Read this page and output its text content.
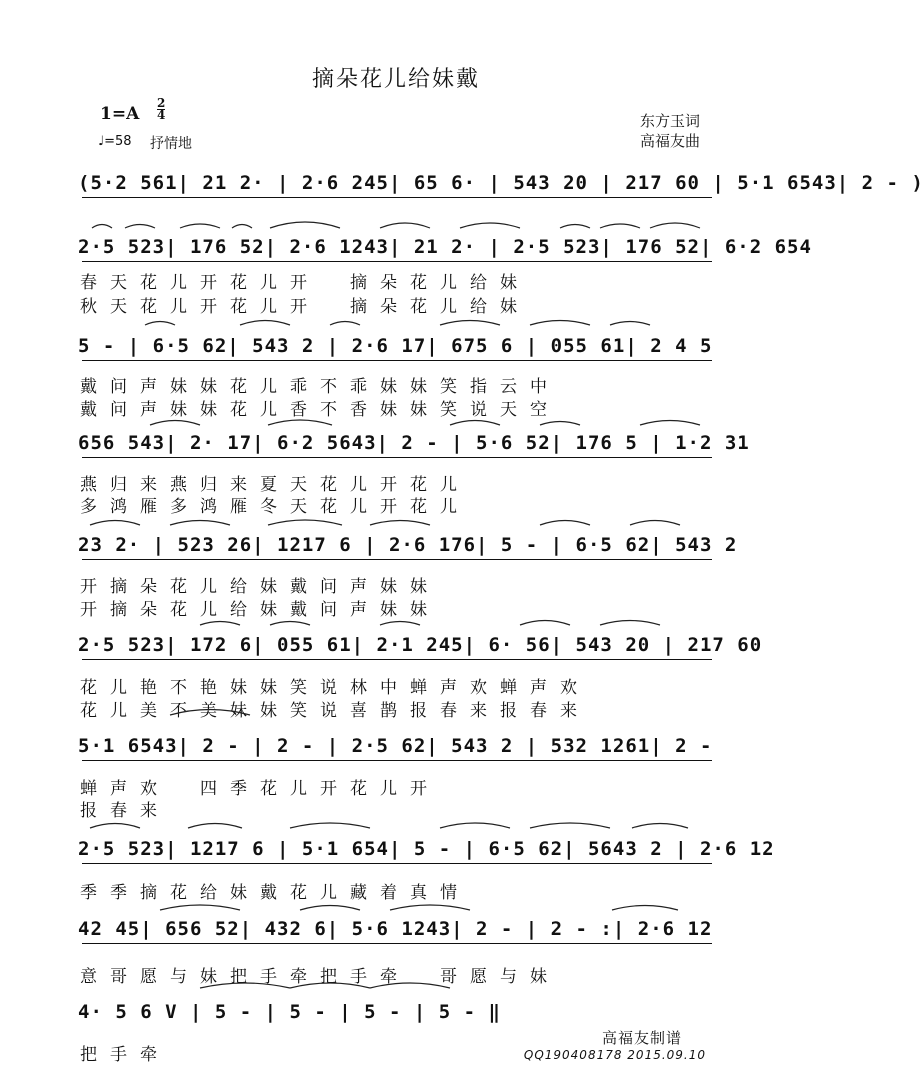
摘朵花儿给妹戴
1=A
2
4
♩=58 抒情地
东方玉词
高福友曲
(5·2 561| 21 2· | 2·6 245| 65 6· | 543 20 | 217 60 | 5·1 6543| 2 - )
2·5 523| 176 52| 2·6 1243| 21 2· | 2·5 523| 176 52| 6·2 654
5 - | 6·5 62| 543 2 | 2·6 17| 675 6 | 055 61| 2 4 5
656 543| 2· 17| 6·2 5643| 2 - | 5·6 52| 176 5 | 1·2 31
23 2· | 523 26| 1217 6 | 2·6 176| 5 - | 6·5 62| 543 2
2·5 523| 172 6| 055 61| 2·1 245| 6· 56| 543 20 | 217 60
5·1 6543| 2 - | 2 - | 2·5 62| 543 2 | 532 1261| 2 -
2·5 523| 1217 6 | 5·1 654| 5 - | 6·5 62| 5643 2 | 2·6 12
42 45| 656 52| 432 6| 5·6 1243| 2 - | 2 - :| 2·6 12
4· 5 6 V | 5 - | 5 - | 5 - | 5 - ‖
春天花儿开花儿开　摘朵花儿给妹
秋天花儿开花儿开　摘朵花儿给妹
戴问声妹妹花儿乖不乖妹妹笑指云中
戴问声妹妹花儿香不香妹妹笑说天空
燕归来燕归来夏天花儿开花儿
多鸿雁多鸿雁冬天花儿开花儿
开摘朵花儿给妹戴问声妹妹
开摘朵花儿给妹戴问声妹妹
花儿艳不艳妹妹笑说林中蝉声欢蝉声欢
花儿美不美妹妹笑说喜鹊报春来报春来
蝉声欢　四季花儿开花儿开
报春来
季季摘花给妹戴花儿藏着真情
意哥愿与妹把手牵把手牵　哥愿与妹
把手牵
高福友制谱
QQ190408178 2015.09.10
